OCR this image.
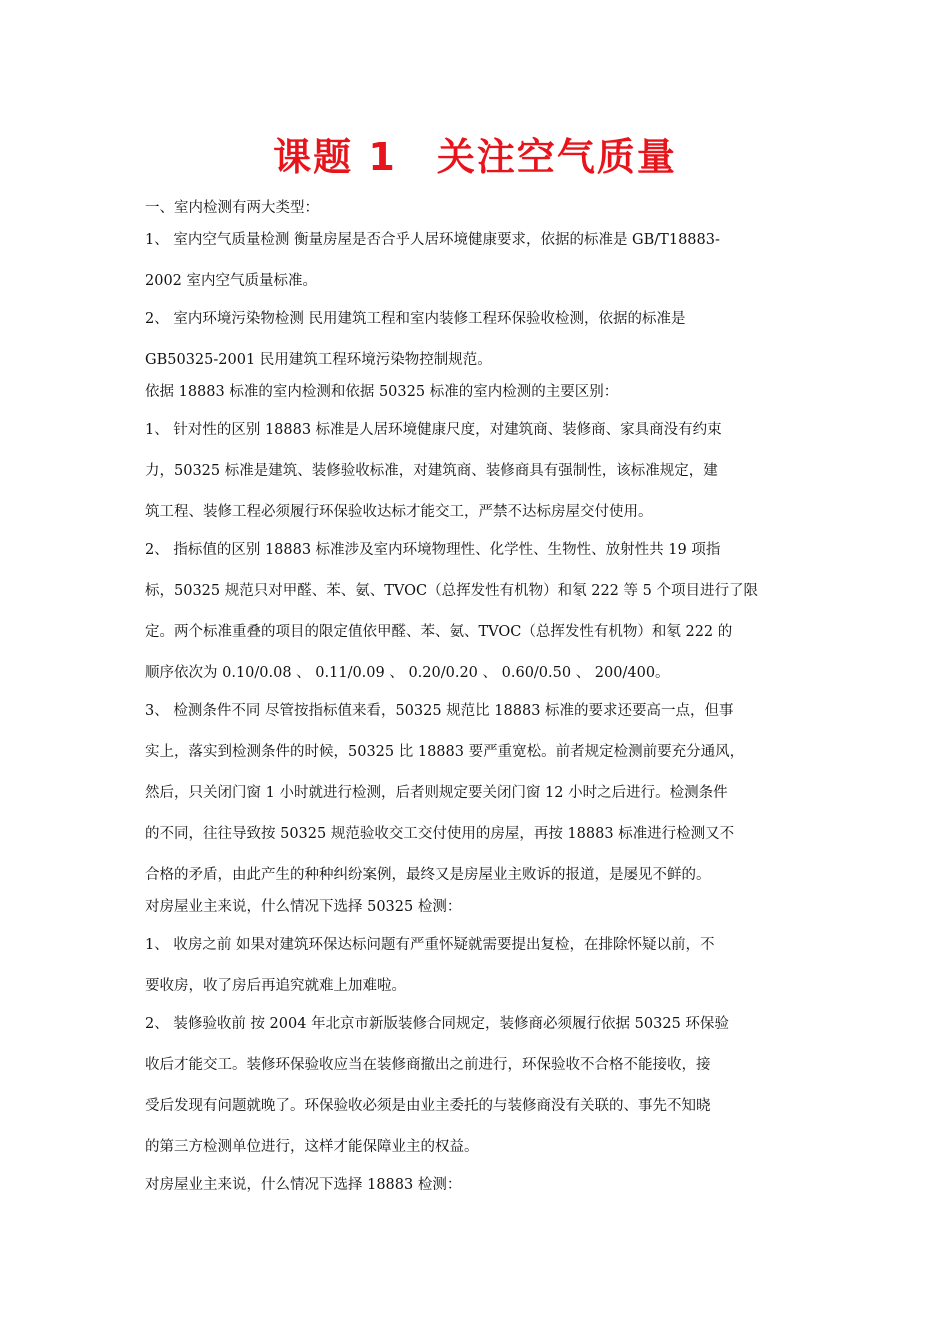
课题 1 关注空气质量
一、室内检测有两大类型：
1、 室内空气质量检测 衡量房屋是否合乎人居环境健康要求，依据的标准是 GB/T18883-
2002 室内空气质量标准。
2、 室内环境污染物检测 民用建筑工程和室内装修工程环保验收检测，依据的标准是
GB50325-2001 民用建筑工程环境污染物控制规范。
依据 18883 标准的室内检测和依据 50325 标准的室内检测的主要区别：
1、 针对性的区别 18883 标准是人居环境健康尺度，对建筑商、装修商、家具商没有约束
力，50325 标准是建筑、装修验收标准，对建筑商、装修商具有强制性，该标准规定，建
筑工程、装修工程必须履行环保验收达标才能交工，严禁不达标房屋交付使用。
2、 指标值的区别 18883 标准涉及室内环境物理性、化学性、生物性、放射性共 19 项指
标，50325 规范只对甲醛、苯、氨、TVOC（总挥发性有机物）和氡 222 等 5 个项目进行了限
定。两个标准重叠的项目的限定值依甲醛、苯、氨、TVOC（总挥发性有机物）和氡 222 的
顺序依次为 0.10/0.08 、 0.11/0.09 、 0.20/0.20 、 0.60/0.50 、 200/400。
3、 检测条件不同 尽管按指标值来看，50325 规范比 18883 标准的要求还要高一点，但事
实上，落实到检测条件的时候，50325 比 18883 要严重宽松。前者规定检测前要充分通风，
然后，只关闭门窗 1 小时就进行检测，后者则规定要关闭门窗 12 小时之后进行。检测条件
的不同，往往导致按 50325 规范验收交工交付使用的房屋，再按 18883 标准进行检测又不
合格的矛盾，由此产生的种种纠纷案例，最终又是房屋业主败诉的报道，是屡见不鲜的。
对房屋业主来说，什么情况下选择 50325 检测：
1、 收房之前 如果对建筑环保达标问题有严重怀疑就需要提出复检，在排除怀疑以前，不
要收房，收了房后再追究就难上加难啦。
2、 装修验收前 按 2004 年北京市新版装修合同规定，装修商必须履行依据 50325 环保验
收后才能交工。装修环保验收应当在装修商撤出之前进行，环保验收不合格不能接收，接
受后发现有问题就晚了。环保验收必须是由业主委托的与装修商没有关联的、事先不知晓
的第三方检测单位进行，这样才能保障业主的权益。
对房屋业主来说，什么情况下选择 18883 检测：
